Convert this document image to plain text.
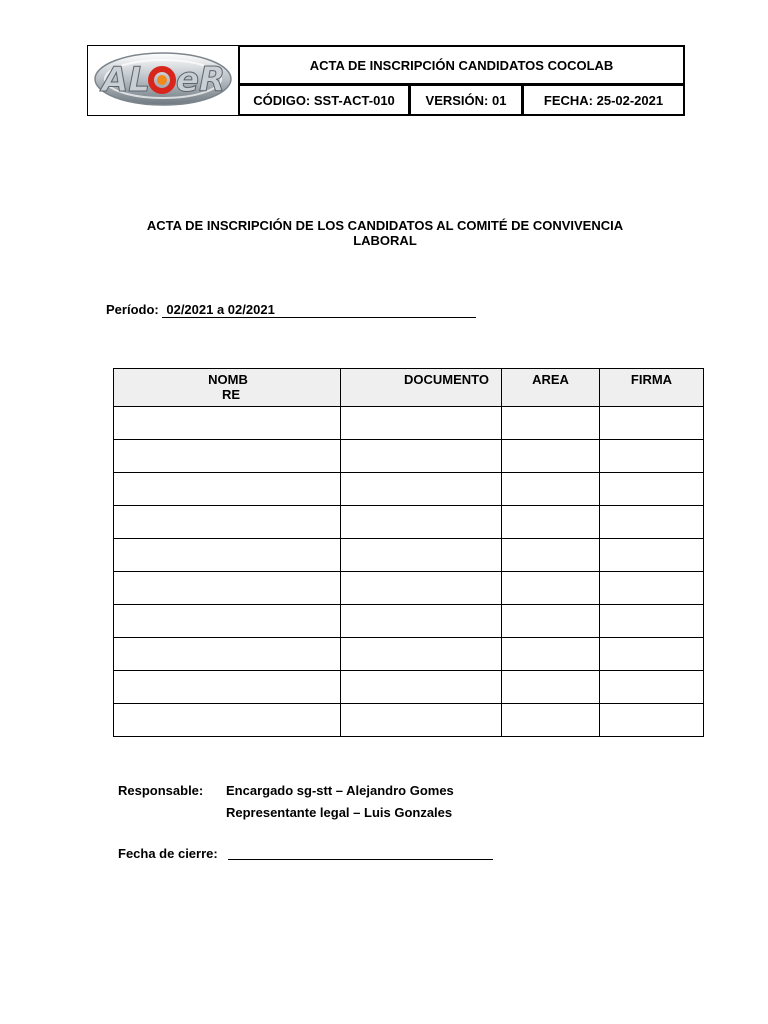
AL eR	ACTA DE INSCRIPCIÓN CANDIDATOS COCOLAB		
	CÓDIGO: SST-ACT-010	VERSIÓN: 01	FECHA: 25-02-2021
ACTA DE INSCRIPCIÓN DE LOS CANDIDATOS AL COMITÉ DE CONVIVENCIA
LABORAL
Período: 02/2021 a 02/2021
NOMB
RE	DOCUMENTO	AREA	FIRMA

Responsable: Encargado sg-stt – Alejandro Gomes
Representante legal – Luis Gonzales
Fecha de cierre:
